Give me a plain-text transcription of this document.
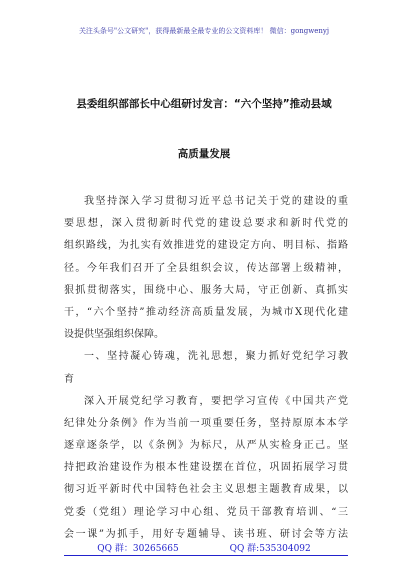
关注头条号"公文研究"，获得最新最全最专业的公文资料库！ 微信：gongwenyj
县委组织部部长中心组研讨发言：“六个坚持”推动县域
高质量发展
我坚持深入学习贯彻习近平总书记关于党的建设的重
要思想，深入贯彻新时代党的建设总要求和新时代党的
组织路线，为扎实有效推进党的建设定方向、明目标、指路
径。今年我们召开了全县组织会议，传达部署上级精神，
狠抓贯彻落实，围绕中心、服务大局，守正创新、真抓实
干，“六个坚持”推动经济高质量发展，为城市X现代化建
设提供坚强组织保障。
一、坚持凝心铸魂，洗礼思想，聚力抓好党纪学习教
育
深入开展党纪学习教育，要把学习宣传《中国共产党
纪律处分条例》作为当前一项重要任务，坚持原原本本学
逐章逐条学，以《条例》为标尺，从严从实检身正己。坚
持把政治建设作为根本性建设摆在首位，巩固拓展学习贯
彻习近平新时代中国特色社会主义思想主题教育成果，以
党委（党组）理论学习中心组、党员干部教育培训、“三
会一课”为抓手，用好专题辅导、读书班、研讨会等方法
QQ 群：30265665	QQ 群:535304092
